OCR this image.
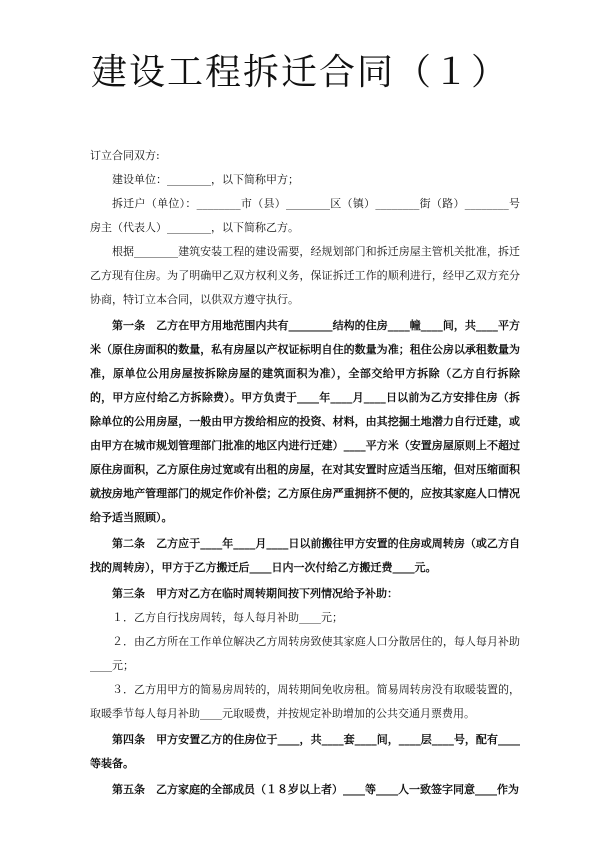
建设工程拆迁合同（１）

订立合同双方:

建设单位：________，以下简称甲方；

拆迁户（单位）：________市（县）________区（镇）________街（路）________号房主（代表人）________，以下简称乙方。

根据________建筑安装工程的建设需要，经规划部门和拆迁房屋主管机关批准，拆迁乙方现有住房。为了明确甲乙双方权利义务，保证拆迁工作的顺利进行，经甲乙双方充分协商，特订立本合同，以供双方遵守执行。

第一条　乙方在甲方用地范围内共有________结构的住房____幢____间，共____平方米（原住房面积的数量，私有房屋以产权证标明自住的数量为准；租住公房以承租数量为准，原单位公用房屋按拆除房屋的建筑面积为准），全部交给甲方拆除（乙方自行拆除的，甲方应付给乙方拆除费）。甲方负责于____年____月____日以前为乙方安排住房（拆除单位的公用房屋，一般由甲方拨给相应的投资、材料，由其挖掘土地潜力自行迁建，或由甲方在城市规划管理部门批准的地区内进行迁建）____平方米（安置房屋原则上不超过原住房面积，乙方原住房过宽或有出租的房屋，在对其安置时应适当压缩，但对压缩面积就按房地产管理部门的规定作价补偿；乙方原住房严重拥挤不便的，应按其家庭人口情况给予适当照顾）。

第二条　乙方应于____年____月____日以前搬往甲方安置的住房或周转房（或乙方自找的周转房），甲方于乙方搬迁后____日内一次付给乙方搬迁费____元。

第三条　甲方对乙方在临时周转期间按下列情况给予补助：

１．乙方自行找房周转，每人每月补助____元；

２．由乙方所在工作单位解决乙方周转房致使其家庭人口分散居住的，每人每月补助____元；

３．乙方用甲方的简易房周转的，周转期间免收房租。简易周转房没有取暖装置的，取暖季节每人每月补助____元取暖费，并按规定补助增加的公共交通月票费用。

第四条　甲方安置乙方的住房位于____，共____套____间，____层____号，配有____等装备。

第五条　乙方家庭的全部成员（１８岁以上者）____等____人一致签字同意____作为
